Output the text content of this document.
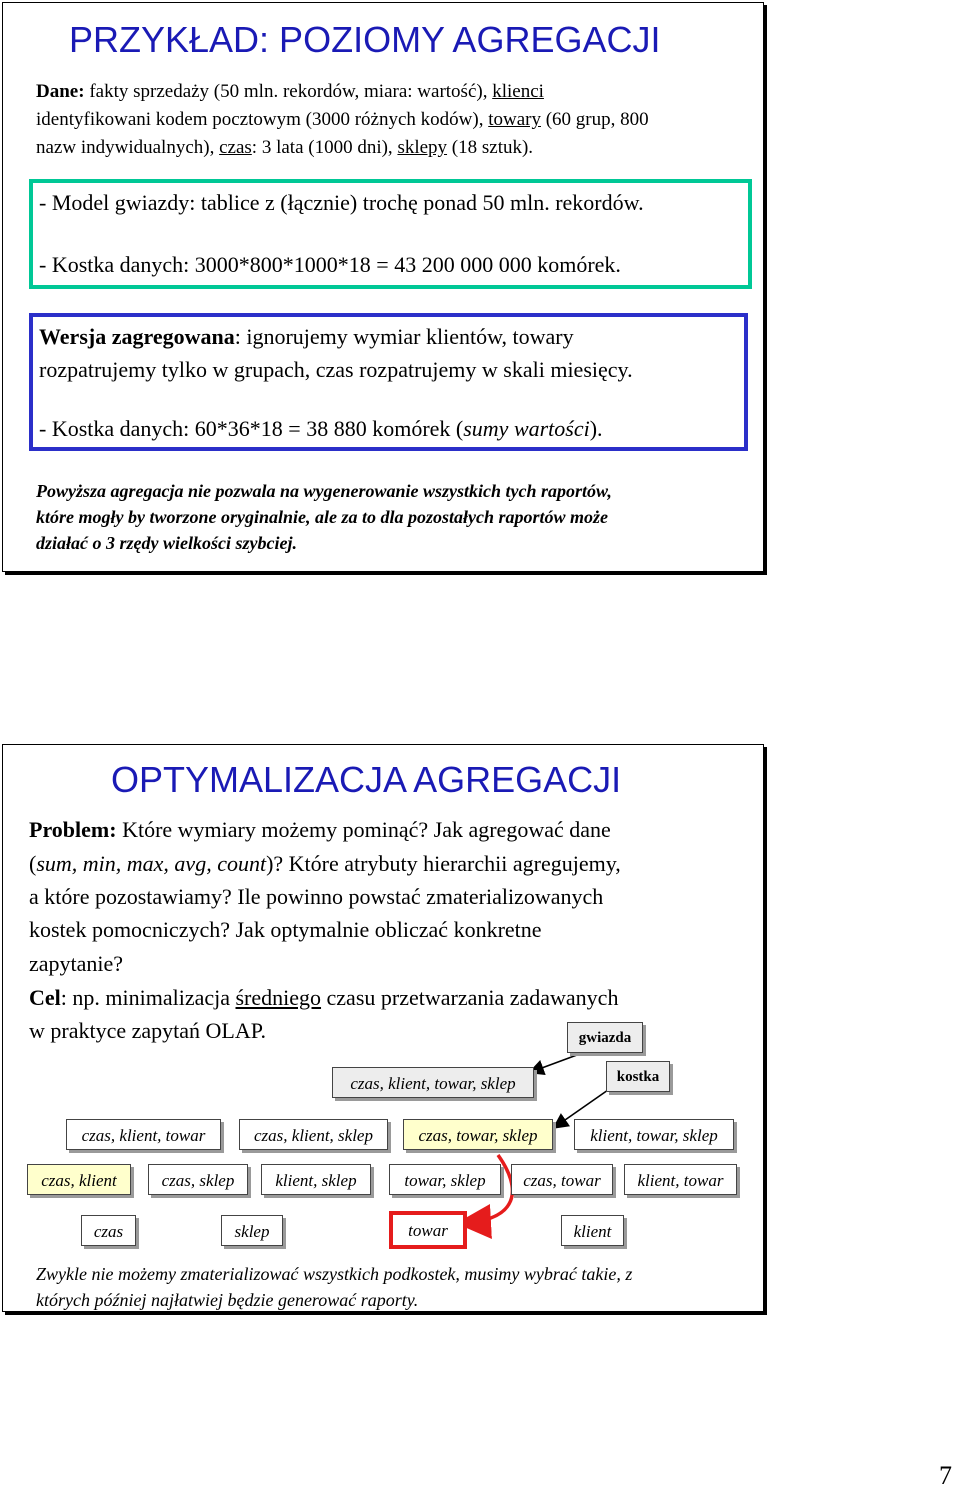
PRZYKŁAD: POZIOMY AGREGACJI
Dane: fakty sprzedaży (50 mln. rekordów, miara: wartość), klienci
identyfikowani kodem pocztowym (3000 różnych kodów), towary (60 grup, 800
nazw indywidualnych), czas: 3 lata (1000 dni), sklepy (18 sztuk).
- Model gwiazdy: tablice z (łącznie) trochę ponad 50 mln. rekordów.
- Kostka danych: 3000*800*1000*18 = 43 200 000 000 komórek.
Wersja zagregowana: ignorujemy wymiar klientów, towary
rozpatrujemy tylko w grupach, czas rozpatrujemy w skali miesięcy.
- Kostka danych: 60*36*18 = 38 880 komórek (sumy wartości).
Powyższa agregacja nie pozwala na wygenerowanie wszystkich tych raportów,
które mogły by tworzone oryginalnie, ale za to dla pozostałych raportów może
działać o 3 rzędy wielkości szybciej.
OPTYMALIZACJA AGREGACJI
Problem: Które wymiary możemy pominąć? Jak agregować dane
(sum, min, max, avg, count)? Które atrybuty hierarchii agregujemy,
a które pozostawiamy? Ile powinno powstać zmaterializowanych
kostek pomocniczych? Jak optymalnie obliczać konkretne
zapytanie?
Cel: np. minimalizacja średniego czasu przetwarzania zadawanych
w praktyce zapytań OLAP.	gwiazda
kostka
czas, klient, towar, sklep
czas, klient, towar	czas, klient, sklep	czas, towar, sklep	klient, towar, sklep
czas, klient	czas, sklep	klient, sklep	towar, sklep	czas, towar	klient, towar
czas	sklep	towar	klient
Zwykle nie możemy zmaterializować wszystkich podkostek, musimy wybrać takie, z
których później najłatwiej będzie generować raporty.
7
